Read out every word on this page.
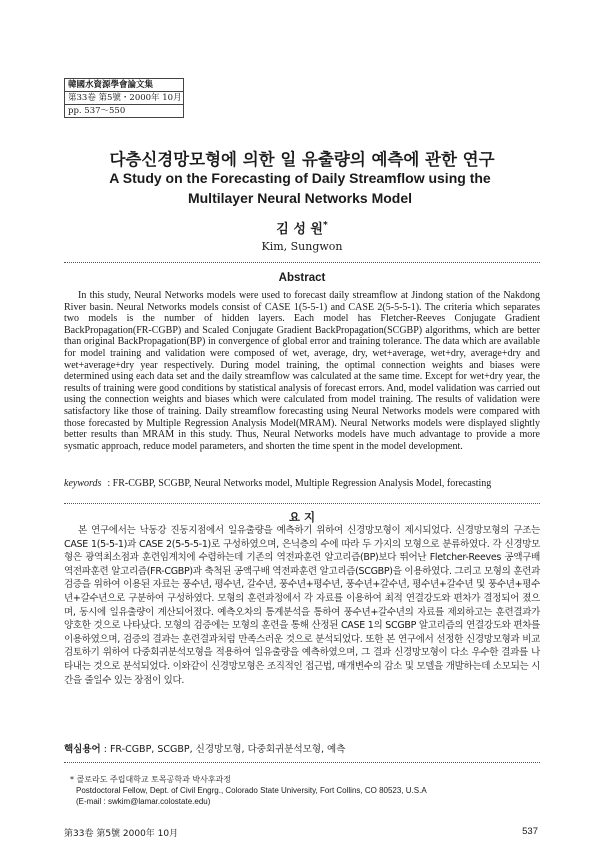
韓國水資源學會論文集
第33卷 第5號・2000年 10月
pp. 537～550
다층신경망모형에 의한 일 유출량의 예측에 관한 연구
A Study on the Forecasting of Daily Streamflow using the Multilayer Neural Networks Model
김 성 원*
Kim, Sungwon
Abstract
In this study, Neural Networks models were used to forecast daily streamflow at Jindong station of the Nakdong River basin. Neural Networks models consist of CASE 1(5-5-1) and CASE 2(5-5-5-1). The criteria which separates two models is the number of hidden layers. Each model has Fletcher-Reeves Conjugate Gradient BackPropagation(FR-CGBP) and Scaled Conjugate Gradient BackPropagation(SCGBP) algorithms, which are better than original BackPropagation(BP) in convergence of global error and training tolerance. The data which are available for model training and validation were composed of wet, average, dry, wet+average, wet+dry, average+dry and wet+average+dry year respectively. During model training, the optimal connection weights and biases were determined using each data set and the daily streamflow was calculated at the same time. Except for wet+dry year, the results of training were good conditions by statistical analysis of forecast errors. And, model validation was carried out using the connection weights and biases which were calculated from model training. The results of validation were satisfactory like those of training. Daily streamflow forecasting using Neural Networks models were compared with those forecasted by Multiple Regression Analysis Model(MRAM). Neural Networks models were displayed slightly better results than MRAM in this study. Thus, Neural Networks models have much advantage to provide a more sysmatic approach, reduce model parameters, and shorten the time spent in the model development.
keywords : FR-CGBP, SCGBP, Neural Networks model, Multiple Regression Analysis Model, forecasting
요 지
본 연구에서는 낙동강 진동지점에서 일유출량을 예측하기 위하여 신경망모형이 제시되었다. 신경망모형의 구조는 CASE 1(5-5-1)과 CASE 2(5-5-5-1)로 구성하였으며, 은닉층의 수에 따라 두 가지의 모형으로 분류하였다. 각 신경망모형은 광역최소점과 훈련임계치에 수렴하는데 기존의 역전파훈련 알고리즘(BP)보다 뛰어난 Fletcher-Reeves 공액구배 역전파훈련 알고리즘(FR-CGBP)과 축척된 공액구배 역전파훈련 알고리즘(SCGBP)을 이용하였다. 그리고 모형의 훈련과 검증을 위하여 이용된 자료는 풍수년, 평수년, 갈수년, 풍수년+평수년, 풍수년+갈수년, 평수년+갈수년 및 풍수년+평수년+갈수년으로 구분하여 구성하였다. 모형의 훈련과정에서 각 자료를 이용하여 최적 연결강도와 편차가 결정되어 졌으며, 동시에 일유출량이 계산되어졌다. 예측오차의 통계분석을 통하여 풍수년+갈수년의 자료를 제외하고는 훈련결과가 양호한 것으로 나타났다. 모형의 검증에는 모형의 훈련을 통해 산정된 CASE 1의 SCGBP 알고리즘의 연결강도와 편차를 이용하였으며, 검증의 결과는 훈련결과처럼 만족스러운 것으로 분석되었다. 또한 본 연구에서 선정한 신경망모형과 비교검토하기 위하여 다중회귀분석모형을 적용하여 일유출량을 예측하였으며, 그 결과 신경망모형이 다소 우수한 결과를 나타내는 것으로 분석되었다. 이와같이 신경망모형은 조직적인 접근법, 매개변수의 감소 및 모델을 개발하는데 소모되는 시간을 줄일수 있는 장점이 있다.
핵심용어 : FR-CGBP, SCGBP, 신경망모형, 다중회귀분석모형, 예측
* 콜로라도 주립대학교 토목공학과 박사후과정
Postdoctoral Fellow, Dept. of Civil Engrg., Colorado State University, Fort Collins, CO 80523, U.S.A
(E-mail : swkim@lamar.colostate.edu)
第33卷 第5號 2000年 10月	537
